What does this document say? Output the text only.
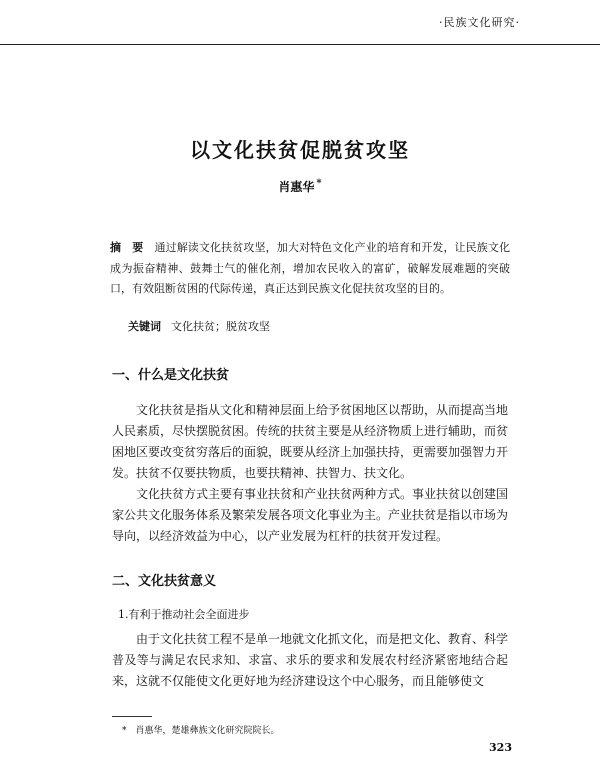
·民族文化研究·
以文化扶贫促脱贫攻坚
肖惠华 *
摘　要　 通过解读文化扶贫攻坚，加大对特色文化产业的培育和开发，让民族文化成为振奋精神、鼓舞士气的催化剂，增加农民收入的富矿，破解发展难题的突破口，有效阻断贫困的代际传递，真正达到民族文化促扶贫攻坚的目的。
关键词 文化扶贫；脱贫攻坚
一、什么是文化扶贫
文化扶贫是指从文化和精神层面上给予贫困地区以帮助，从而提高当地人民素质，尽快摆脱贫困。传统的扶贫主要是从经济物质上进行辅助，而贫困地区要改变贫穷落后的面貌，既要从经济上加强扶持，更需要加强智力开发。扶贫不仅要扶物质，也要扶精神、扶智力、扶文化。
文化扶贫方式主要有事业扶贫和产业扶贫两种方式。事业扶贫以创建国家公共文化服务体系及繁荣发展各项文化事业为主。产业扶贫是指以市场为导向，以经济效益为中心，以产业发展为杠杆的扶贫开发过程。
二、文化扶贫意义
1.有利于推动社会全面进步
由于文化扶贫工程不是单一地就文化抓文化，而是把文化、教育、科学普及等与满足农民求知、求富、求乐的要求和发展农村经济紧密地结合起来，这就不仅能使文化更好地为经济建设这个中心服务，而且能够使文
*　肖惠华，楚雄彝族文化研究院院长。
323
